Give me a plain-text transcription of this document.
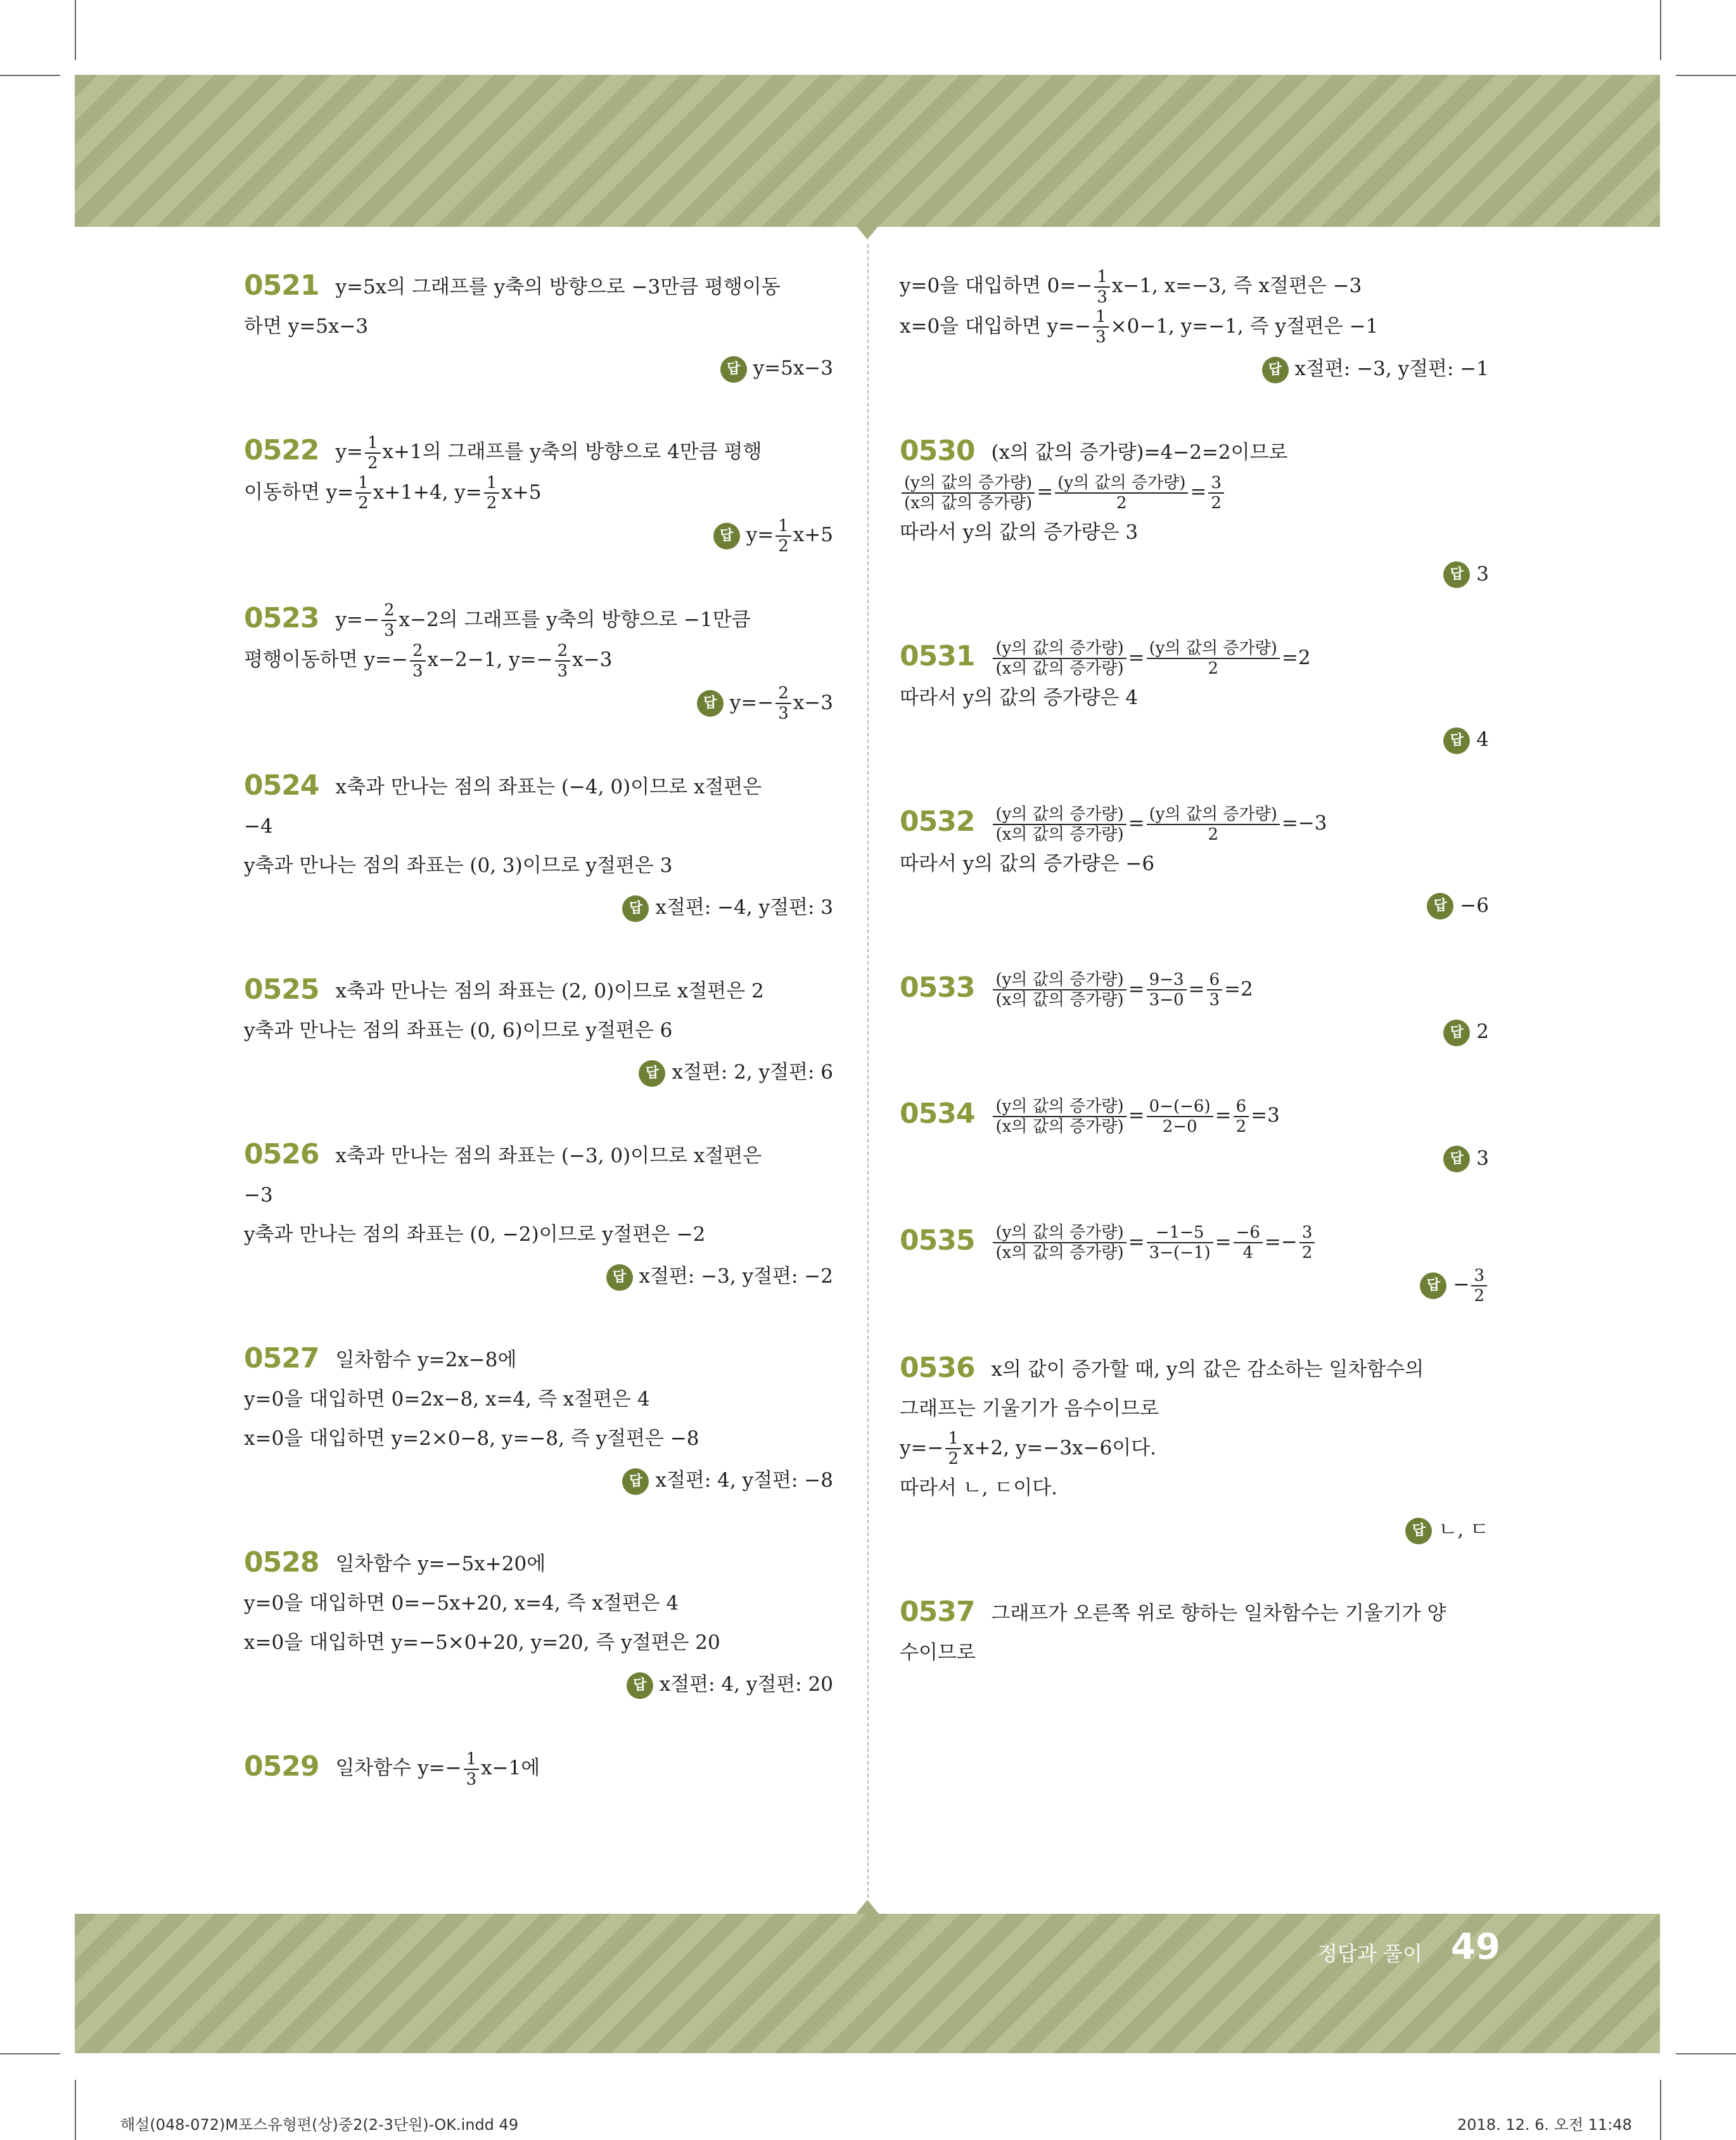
0521 y=5x의 그래프를 y축의 방향으로 −3만큼 평행이동
하면 y=5x−3
답 y=5x−3
0522 $y= \frac{1}{2} x+1$의 그래프를 y축의 방향으로 4만큼 평행
이동하면 $y= \frac{1}{2} x+1+4$, $y= \frac{1}{2} x+5$
답 $y= \frac{1}{2} x+5$
0523 $y=- \frac{2}{3} x-2$의 그래프를 y축의 방향으로 −1만큼
평행이동하면 $y=- \frac{2}{3} x-2-1$, $y=- \frac{2}{3} x-3$
답 $y=- \frac{2}{3} x-3$
0524 x축과 만나는 점의 좌표는 (−4, 0)이므로 x절편은
−4
y축과 만나는 점의 좌표는 (0, 3)이므로 y절편은 3
답 x절편: −4, y절편: 3
0525 x축과 만나는 점의 좌표는 (2, 0)이므로 x절편은 2
y축과 만나는 점의 좌표는 (0, 6)이므로 y절편은 6
답 x절편: 2, y절편: 6
0526 x축과 만나는 점의 좌표는 (−3, 0)이므로 x절편은
−3
y축과 만나는 점의 좌표는 (0, −2)이므로 y절편은 −2
답 x절편: −3, y절편: −2
0527 일차함수 y=2x−8에
y=0을 대입하면 0=2x−8, x=4, 즉 x절편은 4
x=0을 대입하면 y=2×0−8, y=−8, 즉 y절편은 −8
답 x절편: 4, y절편: −8
0528 일차함수 y=−5x+20에
y=0을 대입하면 0=−5x+20, x=4, 즉 x절편은 4
x=0을 대입하면 y=−5×0+20, y=20, 즉 y절편은 20
답 x절편: 4, y절편: 20
0529 일차함수 $y=- \frac{1}{3} x-1$에
y=0을 대입하면 $0=- \frac{1}{3} x-1$, x=−3, 즉 x절편은 −3
x=0을 대입하면 $y=- \frac{1}{3} \times 0-1$, y=−1, 즉 y절편은 −1
답 x절편: −3, y절편: −1
0530 (x의 값의 증가량)=4−2=2이므로
(y의 값의 증가량)
(x의 값의 증가량) = (y의 값의 증가량)
2	= $\frac{3}{2}$
따라서 y의 값의 증가량은 3
답 3
0531 (y의 값의 증가량)
(x의 값의 증가량) = (y의 값의 증가량)
2	=2
따라서 y의 값의 증가량은 4
답 4
0532 (y의 값의 증가량)
(x의 값의 증가량) = (y의 값의 증가량)
2	=−3
따라서 y의 값의 증가량은 −6
답 −6
0533 (y의 값의 증가량)
(x의 값의 증가량) = $\frac{9-3}{3-0} = \frac{6}{3} =2$
답 2
0534 (y의 값의 증가량)
(x의 값의 증가량) = $\frac{0-(-6)}{2-0} = \frac{6}{2} =3$
답 3
0535 (y의 값의 증가량)
(x의 값의 증가량) = $\frac{-1-5}{3-(-1)} = \frac{-6}{4} =- \frac{3}{2}$
답 − $\frac{3}{2}$
0536 x의 값이 증가할 때, y의 값은 감소하는 일차함수의
그래프는 기울기가 음수이므로
$y=- \frac{1}{2} x+2$, y=−3x−6이다.
따라서 ㄴ, ㄷ이다.
답 ㄴ, ㄷ
0537 그래프가 오른쪽 위로 향하는 일차함수는 기울기가 양
수이므로
정답과 풀이 49
해설(048-072)M포스유형편(상)중2(2-3단원)-OK.indd 49	2018. 12. 6. 오전 11:48
